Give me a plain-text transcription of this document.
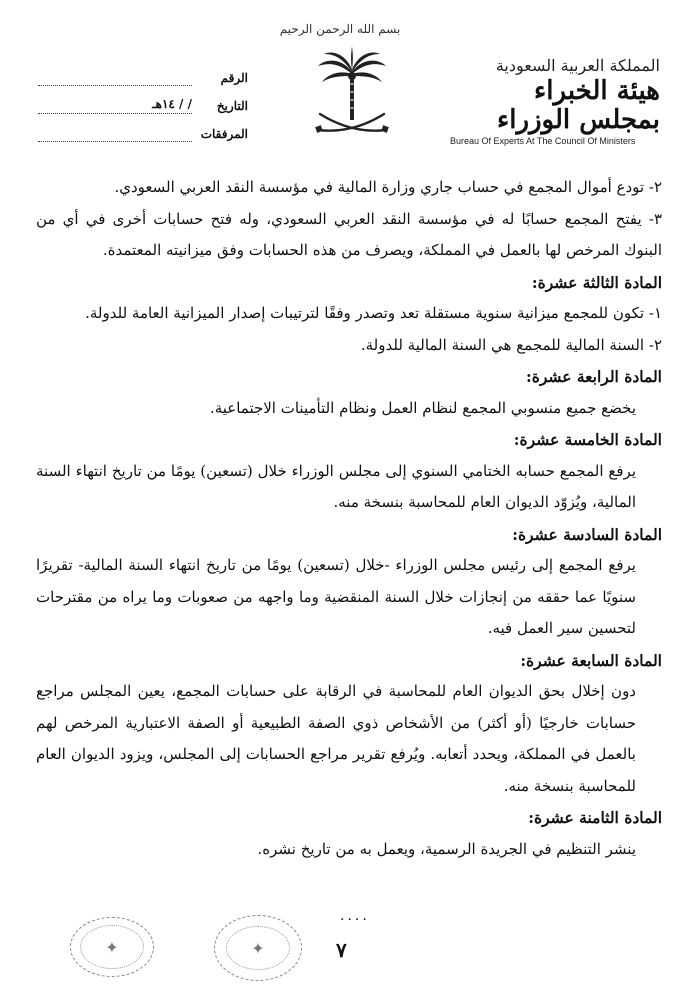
بسم الله الرحمن الرحيم
المملكة العربية السعودية
هيئة الخبراء بمجلس الوزراء
Bureau Of Experts At The Council Of Ministers
الرقم
التاريخ
/ / ١٤هـ
المرفقات

٢- تودع أموال المجمع في حساب جاري وزارة المالية في مؤسسة النقد العربي السعودي.

٣- يفتح المجمع حسابًا له في مؤسسة النقد العربي السعودي، وله فتح حسابات أخرى في أي من البنوك المرخص لها بالعمل في المملكة، ويصرف من هذه الحسابات وفق ميزانيته المعتمدة.

المادة الثالثة عشرة:

١- تكون للمجمع ميزانية سنوية مستقلة تعد وتصدر وفقًا لترتيبات إصدار الميزانية العامة للدولة.

٢- السنة المالية للمجمع هي السنة المالية للدولة.

المادة الرابعة عشرة:

يخضع جميع منسوبي المجمع لنظام العمل ونظام التأمينات الاجتماعية.

المادة الخامسة عشرة:

يرفع المجمع حسابه الختامي السنوي إلى مجلس الوزراء خلال (تسعين) يومًا من تاريخ انتهاء السنة المالية، ويُزوّد الديوان العام للمحاسبة بنسخة منه.

المادة السادسة عشرة:

يرفع المجمع إلى رئيس مجلس الوزراء -خلال (تسعين) يومًا من تاريخ انتهاء السنة المالية- تقريرًا سنويًا عما حققه من إنجازات خلال السنة المنقضية وما واجهه من صعوبات وما يراه من مقترحات لتحسين سير العمل فيه.

المادة السابعة عشرة:

دون إخلال بحق الديوان العام للمحاسبة في الرقابة على حسابات المجمع، يعين المجلس مراجع حسابات خارجيًا (أو أكثر) من الأشخاص ذوي الصفة الطبيعية أو الصفة الاعتبارية المرخص لهم بالعمل في المملكة، ويحدد أتعابه. ويُرفع تقرير مراجع الحسابات إلى المجلس، ويزود الديوان العام للمحاسبة بنسخة منه.

المادة الثامنة عشرة:

ينشر التنظيم في الجريدة الرسمية، ويعمل به من تاريخ نشره.

✦	✦
....
٧
